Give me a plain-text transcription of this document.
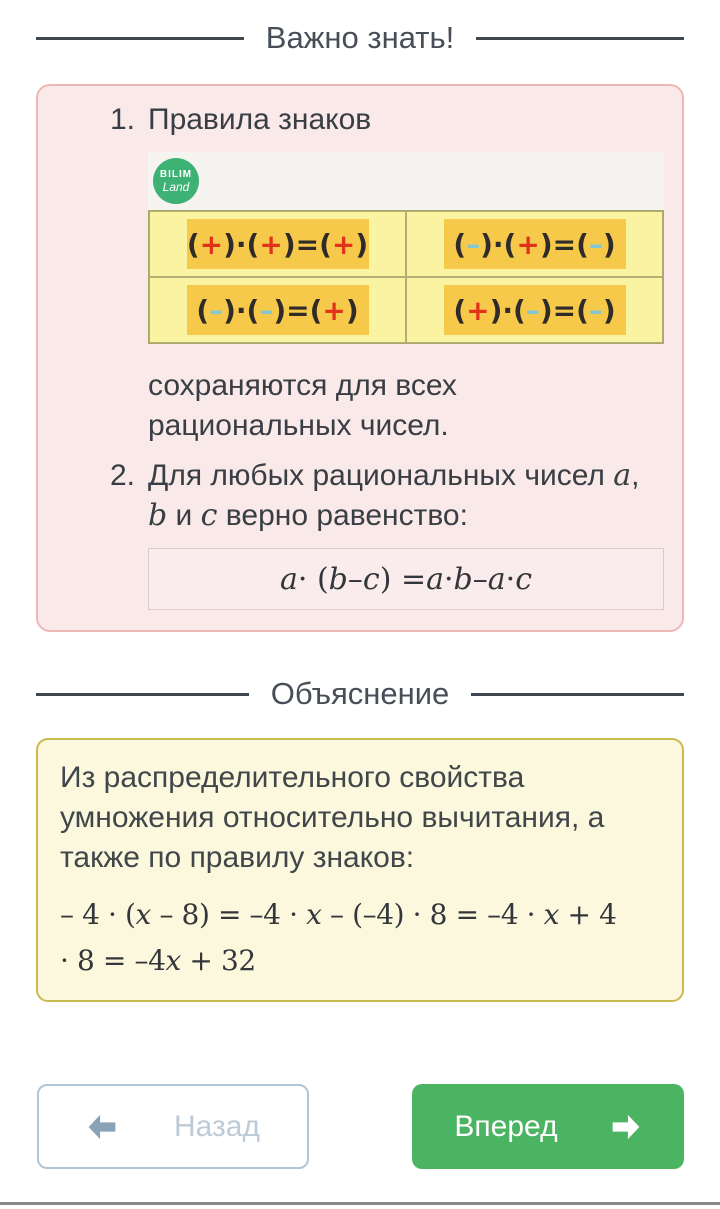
Важно знать!
1. Правила знаков
BILIM
Land
( + )·( + )=( + )	( – )·( + )=( – )
( – )·( – )=( + )	( + )·( – )=( – )
сохраняются для всех
рациональных чисел.
2. Для любых рациональных чисел a,
b и c верно равенство:
a · ( b – c ) = a · b – a · c
Объяснение
Из распределительного свойства
умножения относительно вычитания, а
также по правилу знаков:
– 4 · (x – 8) = –4 · x – (–4) · 8 = –4 · x + 4
· 8 = –4x + 32
Назад	Вперед
